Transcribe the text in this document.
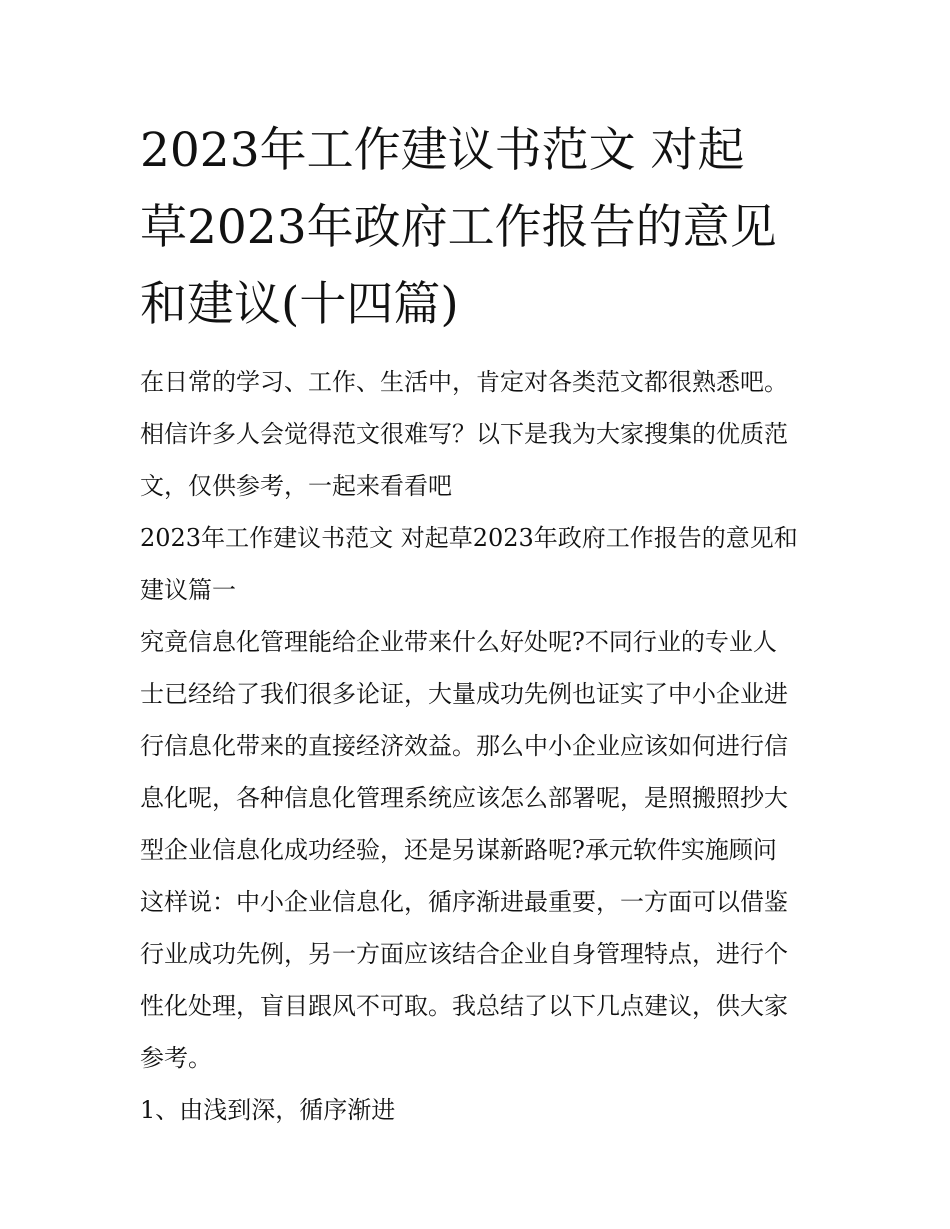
2023年工作建议书范文 对起
草2023年政府工作报告的意见
和建议(十四篇)
在日常的学习、工作、生活中，肯定对各类范文都很熟悉吧。
相信许多人会觉得范文很难写？以下是我为大家搜集的优质范
文，仅供参考，一起来看看吧
2023年工作建议书范文 对起草2023年政府工作报告的意见和
建议篇一
究竟信息化管理能给企业带来什么好处呢?不同行业的专业人
士已经给了我们很多论证，大量成功先例也证实了中小企业进
行信息化带来的直接经济效益。那么中小企业应该如何进行信
息化呢，各种信息化管理系统应该怎么部署呢，是照搬照抄大
型企业信息化成功经验，还是另谋新路呢?承元软件实施顾问
这样说：中小企业信息化，循序渐进最重要，一方面可以借鉴
行业成功先例，另一方面应该结合企业自身管理特点，进行个
性化处理，盲目跟风不可取。我总结了以下几点建议，供大家
参考。
1、由浅到深，循序渐进
